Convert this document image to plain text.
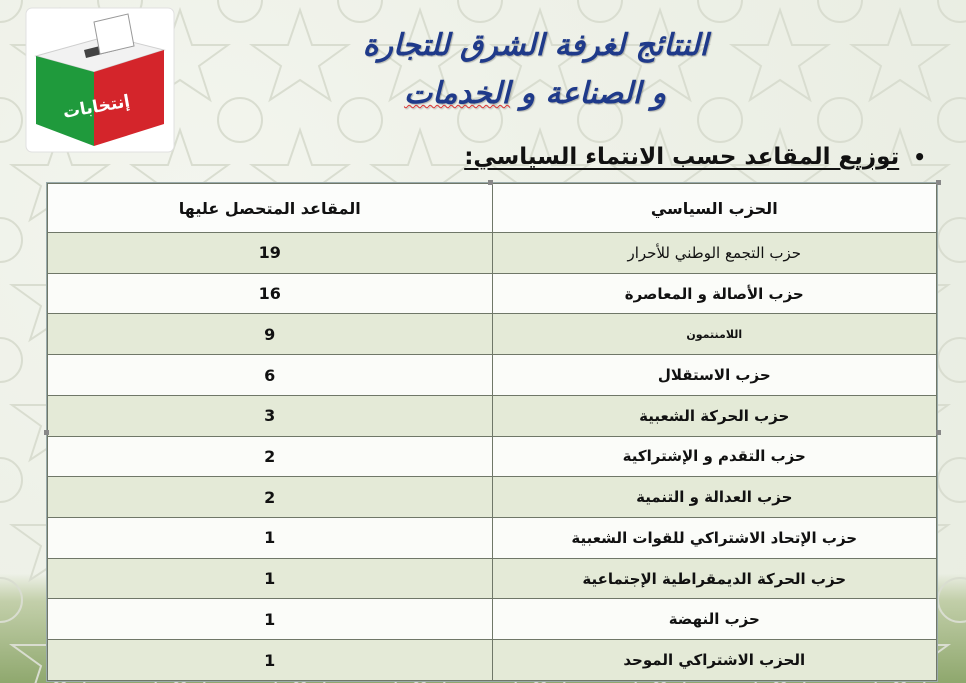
النتائج لغرفة الشرق للتجارة
و الصناعة و الخدمات
إنتخابات
•توزيع المقاعد حسب الانتماء السياسي:
الحزب السياسي	المقاعد المتحصل عليها
حزب التجمع الوطني للأحرار	19
حزب الأصالة و المعاصرة	16
اللامنتمون	9
حزب الاستقلال	6
حزب الحركة الشعبية	3
حزب التقدم و الإشتراكية	2
حزب العدالة و التنمية	2
حزب الإتحاد الاشتراكي للقوات الشعبية	1
حزب الحركة الديمقراطية الإجتماعية	1
حزب النهضة	1
الحزب الاشتراكي الموحد	1
